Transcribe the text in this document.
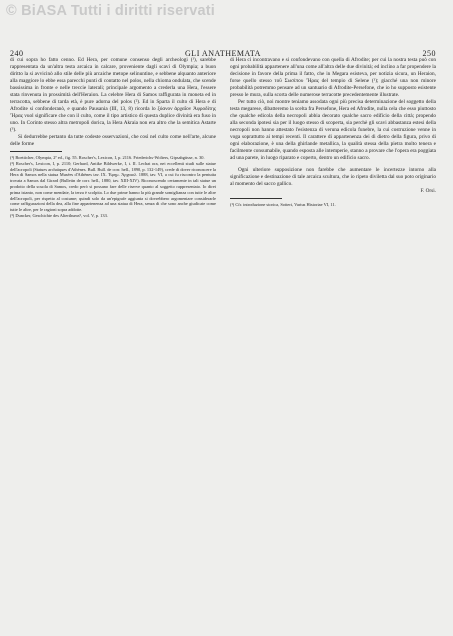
© BiASA Tutti i diritti riservati
240	GLI ANATHEMATA	250

di cui sopra ho fatto cenno. Ed Hera, per comune consenso degli archeologi (¹), sarebbe rappresentata da un'altra testa arcaica in calcare, proveniente dagli scavi di Olympia; a buon diritto la si avvicinò allo stile delle più arcaiche metope selinuntine, e sebbene alquanto anteriore alla maggiore lo ebbe essa parecchi punti di contatto nel polos, nella chioma ondulata, che scende bassissima in fronte e nelle treccie laterali; principale argomento a crederla una Hera, l'essere stata rinvenuta in prossimità dell'Heraion. La celebre Hera di Samos raffigurata in moneta ed in terracotta, sebbene di tarda età, è pure adorna del polos (²). Ed in Sparta il culto di Hera e di Afrodite si confonderanò, e quando Pausania (III, 13, 8) ricorda lo ξόανον ἀρχαῖον Ἀφροδίτης Ἥρας vuol significare che con il culto, come il tipo artistico di questa duplice divinità era fuso in uno. In Corinto stesso altra metropoli dorica, la Hera Akraia non era altro che la semitica Astarte (³).

Si dedurrebbe pertanto da tutte codeste osservazioni, che così nel culto come nell'arte, alcune delle forme

(¹) Boetticher, Olympia, 2ª ed., fig. 55. Roscher's, Lexicon, I, p. 2116. Friederichs-Wolters, Gipsabgüsse, n. 30.

(²) Roscher's, Lexicon, I, p. 2110; Gerhard, Antike Bildwerke, I, t. II. Lechat ora, nei eccellenti studi sulle statue dell'acropoli (Statues archaïques d'Athènes. Bull. Bull. de corr. hell., 1890, p. 132-149), crede di dover riconoscere la Hera di Samos nella statua Musées d'Athènes tav. IX. Ἐφημ. Ἀρχαιολ. 1888, tav. VI, a cui fu riscontro la pentutta trovata a Samos dal Girard (Bulletin de corr. hell., 1880, tav. XIII-XIV). Riconoscendo certamente in tali statue un prodotto della scuola di Samos, credo però si possano fare delle riserve quanto al soggetto rappresentato. Io direi prima istanto, non come mendate, la terza è scolpita. Lo due prime hanno la più grande somiglianza con tutte le altre dell'acropoli, per rispetto al costume; quindi solo da un'epigrafe aggiunta si dovrebbero argomentare considerarle come raffigurazioni della dea, alla fine appartenenza ad una statua di Hera, senza di che sono anche giudicate come tutte le altre, per le ragioni sopra addotte.

(³) Duncker, Geschichte des Alterthums⁵, vol. V, p. 133.

di Hera ci incontravano e si confondevano con quella di Afrodite; per cui la nostra testa può con ogni probabilità appartenere all'una come all'altra delle due divinità; ed inclino a far propendere la decisione in favore della prima il fatto, che in Megara esisteva, per notizia sicura, un Heraion, forse quello stesso τοῦ Σωσίπου Ἥρας del tempio di Selene (¹); giacché una non minore probabilità potremmo pensare ad un santuario di Afrodite-Persefone, che io ho supposto esistente presso le mura, sulla scorta delle numerose terracotte precedentemente illustrate.

Per tutto ciò, noi montre teniamo assodata ogni più precisa determinazione del soggetto della testa megarese, dibatteremo la scelta fra Persefone, Hera ed Afrodite, nulla cela che esso piuttosto che qualche edicola della necropoli abbia decorato qualche sacro edificio della città; propendo alla seconda ipotesi sia per il luogo stesso di scoperta, sia perchè gli scavi abbastanza estesi della necropoli non hanno attestato l'esistenza di veruna edicola funebre, la cui costruzione venne in voga soprattutto ai tempi recenti. Il carattere di appartenenza dei di dietro della figura, privo di ogni elaborazione, è una della ghirlande metallica, la qualità stessa della pietra molto tenera e facilmente consumabile, quando esposta alle intemperie, stanno a provare che l'opera era poggiata ad una parete, in luogo riparato e coperto, dentro un edificio sacro.

Ogni ulteriore supposizione non farebbe che aumentare le incertezze intorno alla significazione e destinazione di tale arcaica scultura, che io ripeto diviletta dal suo poto originario al momento del sacco gallico.

F. Orsi.

(¹) Cfr. introduzione storica, Sotteri, Varius Historiae VI, 11.
